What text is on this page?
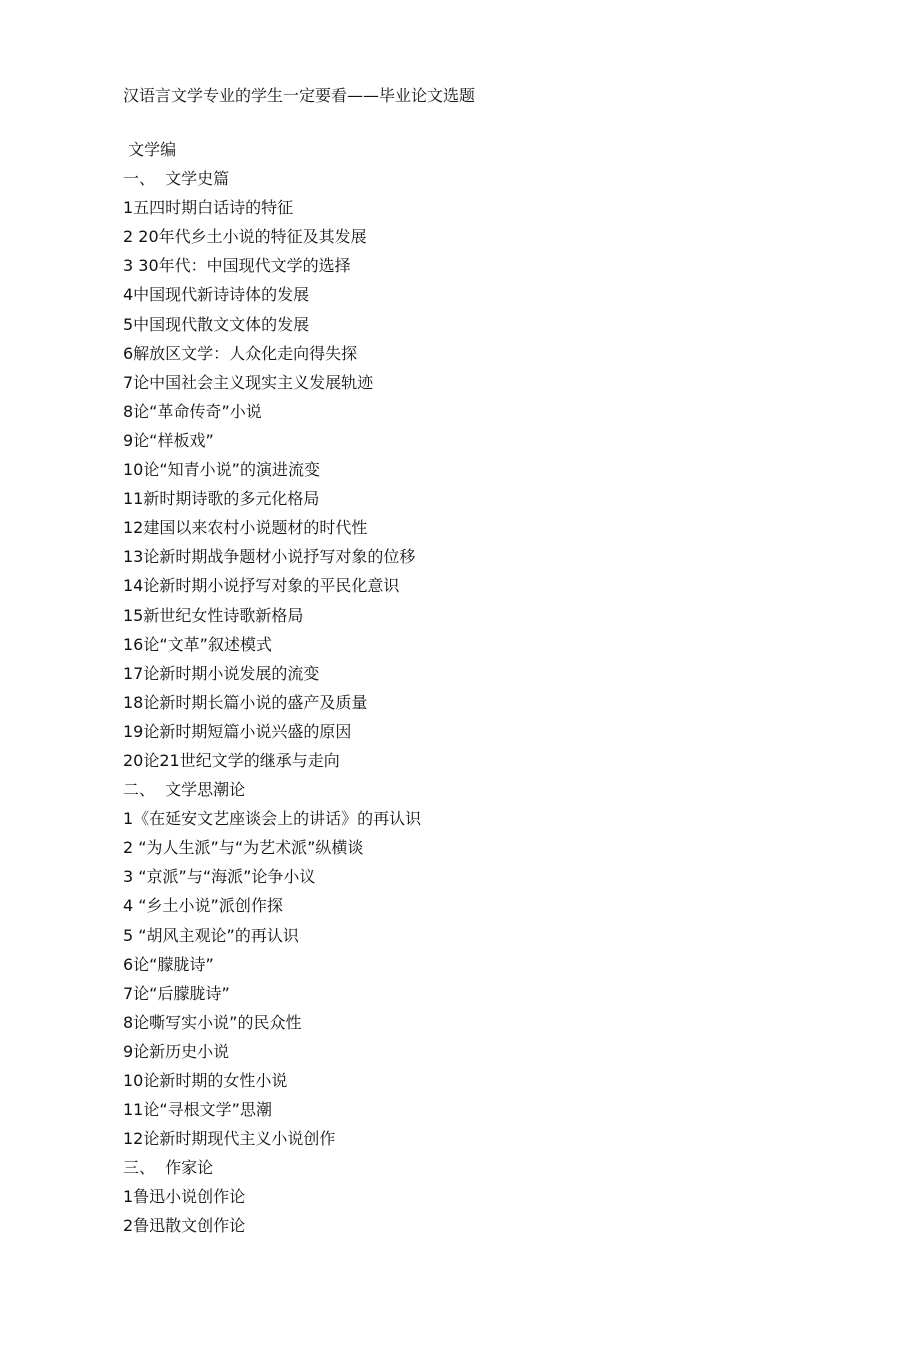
汉语言文学专业的学生一定要看——毕业论文选题
文学编
一、  文学史篇
1五四时期白话诗的特征
2 20年代乡土小说的特征及其发展
3 30年代：中国现代文学的选择
4中国现代新诗诗体的发展
5中国现代散文文体的发展
6解放区文学：人众化走向得失探
7论中国社会主义现实主义发展轨迹
8论“革命传奇”小说
9论“样板戏”
10论“知青小说”的演进流变
11新时期诗歌的多元化格局
12建国以来农村小说题材的时代性
13论新时期战争题材小说抒写对象的位移
14论新时期小说抒写对象的平民化意识
15新世纪女性诗歌新格局
16论“文革”叙述模式
17论新时期小说发展的流变
18论新时期长篇小说的盛产及质量
19论新时期短篇小说兴盛的原因
20论21世纪文学的继承与走向
二、  文学思潮论
1《在延安文艺座谈会上的讲话》的再认识
2 “为人生派”与“为艺术派”纵横谈
3 “京派”与“海派”论争小议
4 “乡土小说”派创作探
5 “胡风主观论”的再认识
6论“朦胧诗”
7论“后朦胧诗”
8论嘶写实小说”的民众性
9论新历史小说
10论新时期的女性小说
11论“寻根文学”思潮
12论新时期现代主义小说创作
三、  作家论
1鲁迅小说创作论
2鲁迅散文创作论
